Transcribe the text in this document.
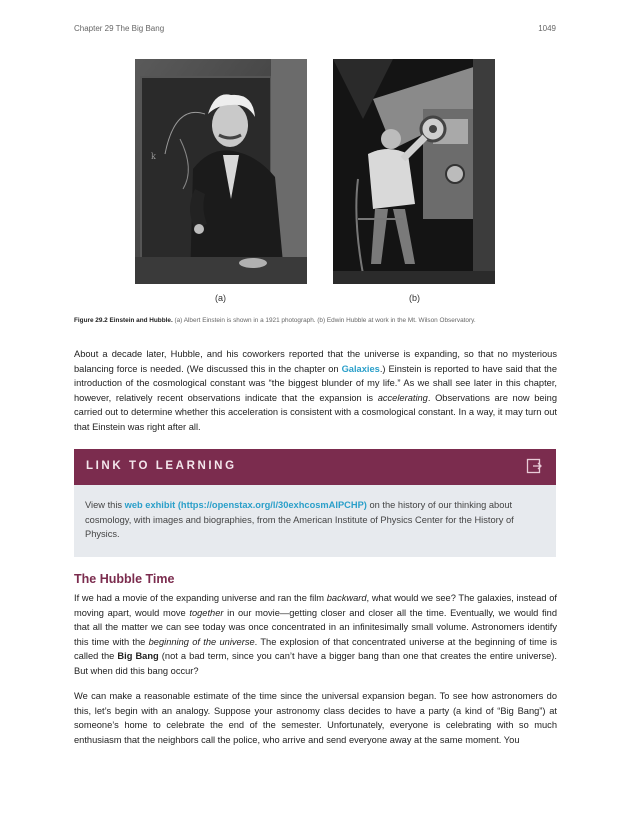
Chapter 29 The Big Bang	1049
k
(a)	(b)
Figure 29.2 Einstein and Hubble. (a) Albert Einstein is shown in a 1921 photograph. (b) Edwin Hubble at work in the Mt. Wilson Observatory.
About a decade later, Hubble, and his coworkers reported that the universe is expanding, so that no mysterious balancing force is needed. (We discussed this in the chapter on Galaxies.) Einstein is reported to have said that the introduction of the cosmological constant was “the biggest blunder of my life.” As we shall see later in this chapter, however, relatively recent observations indicate that the expansion is accelerating. Observations are now being carried out to determine whether this acceleration is consistent with a cosmological constant. In a way, it may turn out that Einstein was right after all.
LINK TO LEARNING
View this web exhibit (https://openstax.org/l/30exhcosmAIPCHP) on the history of our thinking about cosmology, with images and biographies, from the American Institute of Physics Center for the History of Physics.
The Hubble Time
If we had a movie of the expanding universe and ran the film backward, what would we see? The galaxies, instead of moving apart, would move together in our movie—getting closer and closer all the time. Eventually, we would find that all the matter we can see today was once concentrated in an infinitesimally small volume. Astronomers identify this time with the beginning of the universe. The explosion of that concentrated universe at the beginning of time is called the Big Bang (not a bad term, since you can’t have a bigger bang than one that creates the entire universe). But when did this bang occur?
We can make a reasonable estimate of the time since the universal expansion began. To see how astronomers do this, let’s begin with an analogy. Suppose your astronomy class decides to have a party (a kind of “Big Bang”) at someone’s home to celebrate the end of the semester. Unfortunately, everyone is celebrating with so much enthusiasm that the neighbors call the police, who arrive and send everyone away at the same moment. You
